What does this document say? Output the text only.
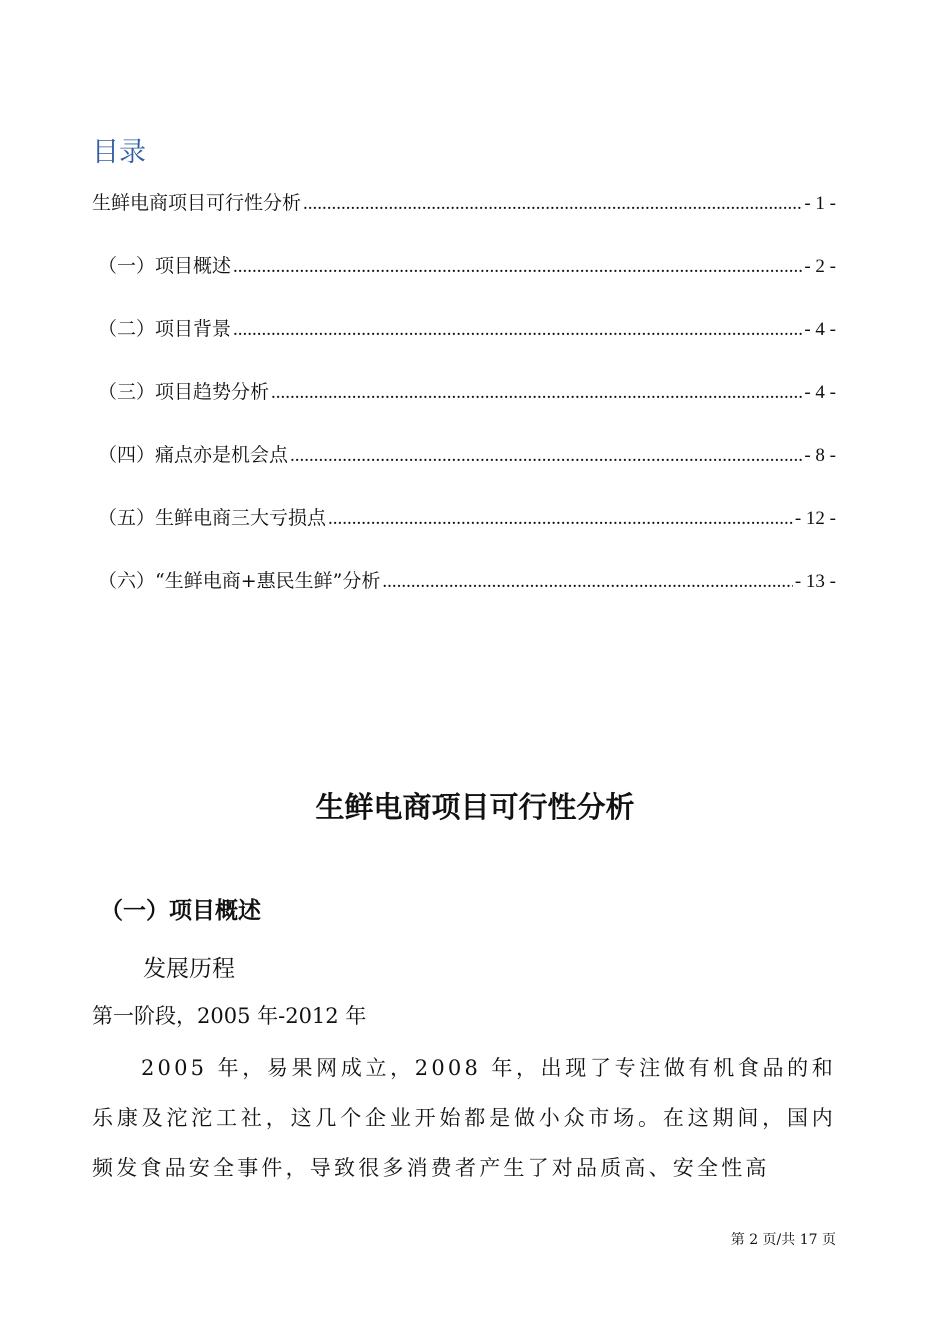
目录
生鲜电商项目可行性分析 .....	- 1 -
（一）项目概述 .....	- 2 -
（二）项目背景 .....	- 4 -
（三）项目趋势分析 .....	- 4 -
（四）痛点亦是机会点 .....	- 8 -
（五）生鲜电商三大亏损点 .....	- 12 -
（六）“生鲜电商+惠民生鲜”分析 .....	- 13 -
生鲜电商项目可行性分析
（一）项目概述
发展历程
第一阶段，2005 年-2012 年

2005 年，易果网成立，2008 年，出现了专注做有机食品的和乐康及沱沱工社，这几个企业开始都是做小众市场。在这期间，国内频发食品安全事件，导致很多消费者产生了对品质高、安全性高

第 2 页/共 17 页
